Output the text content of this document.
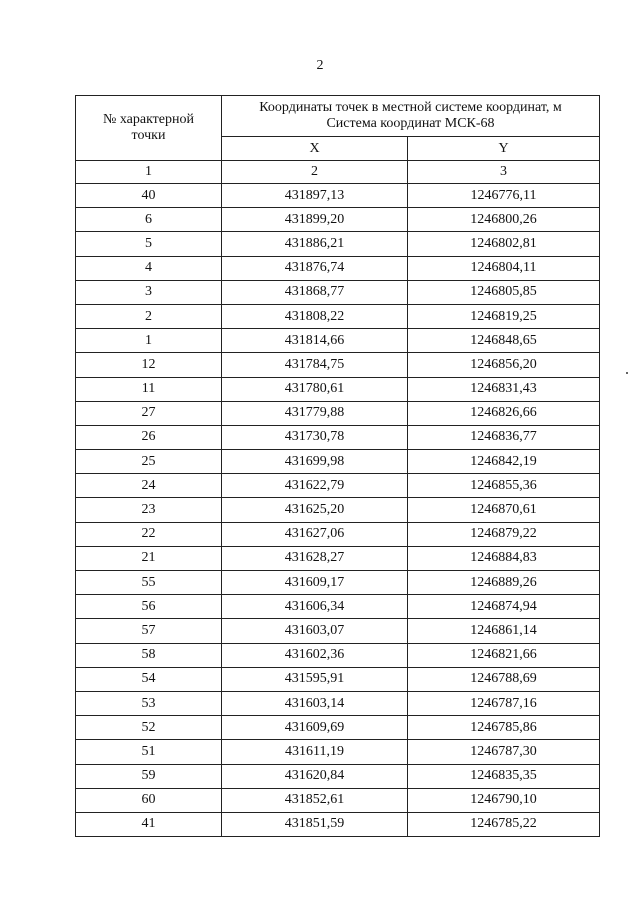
2
№ характерной
точки	Координаты точек в местной системе координат, м
Система координат МСК-68	

	X	Y
1	2	3
40	431897,13	1246776,11
6	431899,20	1246800,26
5	431886,21	1246802,81
4	431876,74	1246804,11
3	431868,77	1246805,85
2	431808,22	1246819,25
1	431814,66	1246848,65
12	431784,75	1246856,20
11	431780,61	1246831,43
27	431779,88	1246826,66
26	431730,78	1246836,77
25	431699,98	1246842,19
24	431622,79	1246855,36
23	431625,20	1246870,61
22	431627,06	1246879,22
21	431628,27	1246884,83
55	431609,17	1246889,26
56	431606,34	1246874,94
57	431603,07	1246861,14
58	431602,36	1246821,66
54	431595,91	1246788,69
53	431603,14	1246787,16
52	431609,69	1246785,86
51	431611,19	1246787,30
59	431620,84	1246835,35
60	431852,61	1246790,10
41	431851,59	1246785,22
